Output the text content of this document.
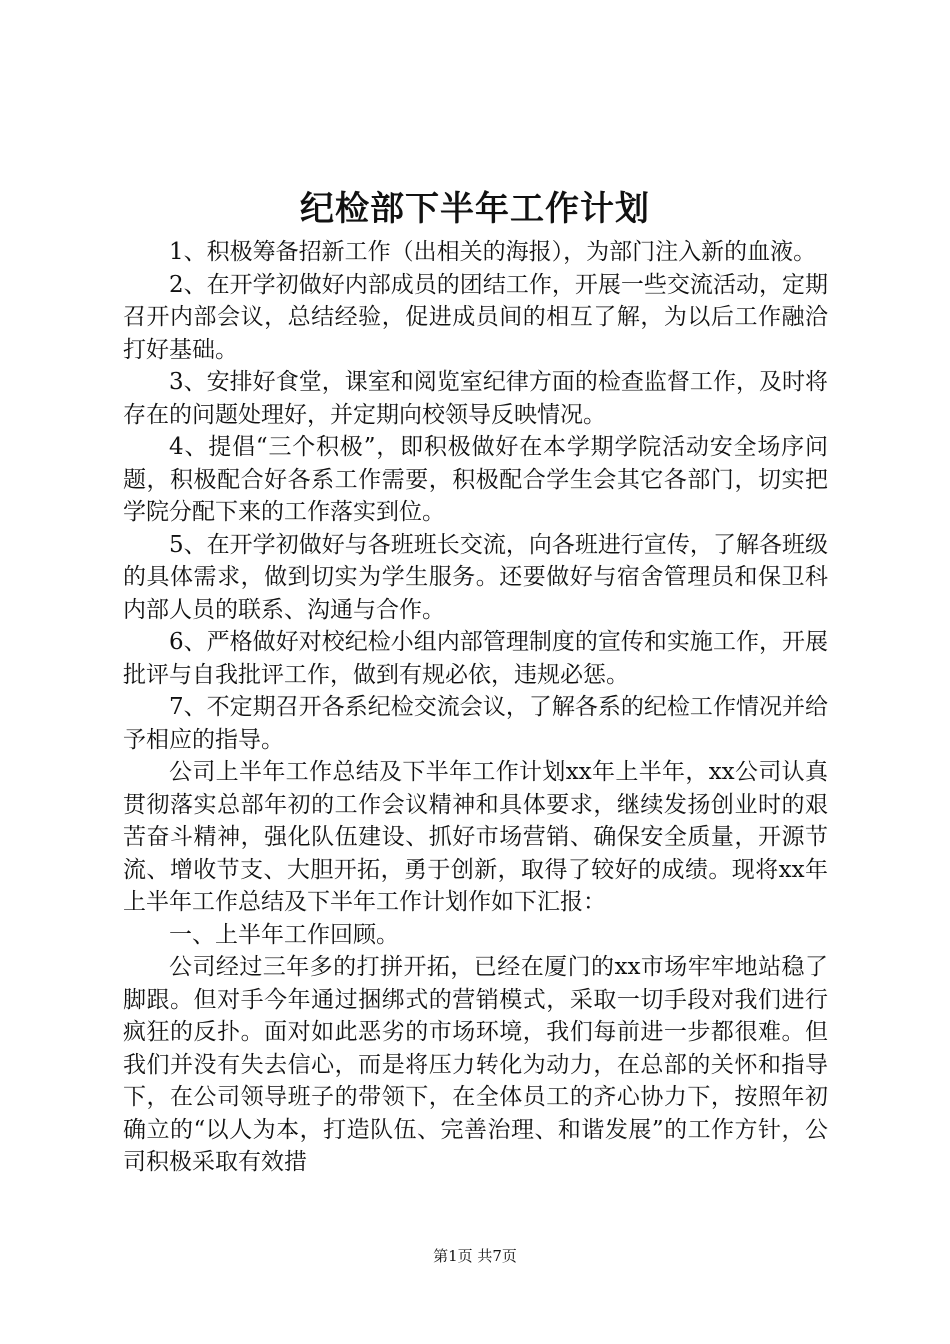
纪检部下半年工作计划

1、积极筹备招新工作（出相关的海报），为部门注入新的血液。

2、在开学初做好内部成员的团结工作，开展一些交流活动，定期召开内部会议，总结经验，促进成员间的相互了解，为以后工作融洽打好基础。

3、安排好食堂，课室和阅览室纪律方面的检查监督工作，及时将存在的问题处理好，并定期向校领导反映情况。

4、提倡“三个积极”，即积极做好在本学期学院活动安全场序问题，积极配合好各系工作需要，积极配合学生会其它各部门，切实把学院分配下来的工作落实到位。

5、在开学初做好与各班班长交流，向各班进行宣传，了解各班级的具体需求，做到切实为学生服务。还要做好与宿舍管理员和保卫科内部人员的联系、沟通与合作。

6、严格做好对校纪检小组内部管理制度的宣传和实施工作，开展批评与自我批评工作，做到有规必依，违规必惩。

7、不定期召开各系纪检交流会议，了解各系的纪检工作情况并给予相应的指导。

公司上半年工作总结及下半年工作计划xx年上半年，xx公司认真贯彻落实总部年初的工作会议精神和具体要求，继续发扬创业时的艰苦奋斗精神，强化队伍建设、抓好市场营销、确保安全质量，开源节流、增收节支、大胆开拓，勇于创新，取得了较好的成绩。现将xx年上半年工作总结及下半年工作计划作如下汇报：

一、上半年工作回顾。

公司经过三年多的打拼开拓，已经在厦门的xx市场牢牢地站稳了脚跟。但对手今年通过捆绑式的营销模式，采取一切手段对我们进行疯狂的反扑。面对如此恶劣的市场环境，我们每前进一步都很难。但我们并没有失去信心，而是将压力转化为动力，在总部的关怀和指导下，在公司领导班子的带领下，在全体员工的齐心协力下，按照年初确立的“以人为本，打造队伍、完善治理、和谐发展”的工作方针，公司积极采取有效措

第1页 共7页
